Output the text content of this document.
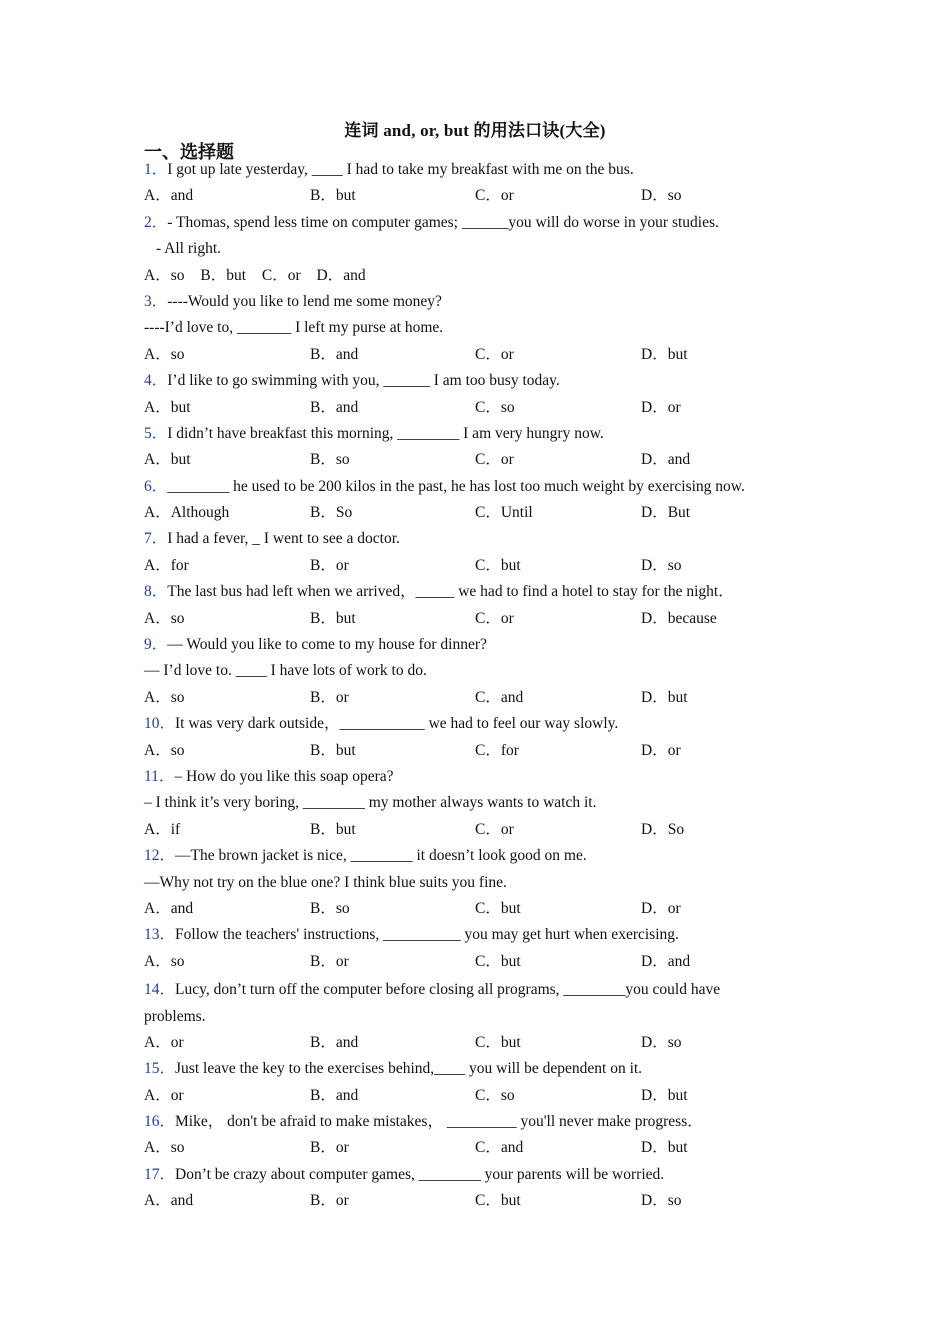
连词 and, or, but 的用法口诀(大全)
一、选择题
1．I got up late yesterday, ____ I had to take my breakfast with me on the bus.
A．and	B．but	C．or	D．so
2．- Thomas, spend less time on computer games; ______you will do worse in your studies.
- All right.
A．so B．but C．or D．and
3．----Would you like to lend me some money?
----I’d love to, _______ I left my purse at home.
A．so	B．and	C．or	D．but
4．I’d like to go swimming with you, ______ I am too busy today.
A．but	B．and	C．so	D．or
5．I didn’t have breakfast this morning, ________ I am very hungry now.
A．but	B．so	C．or	D．and
6．________ he used to be 200 kilos in the past, he has lost too much weight by exercising now.
A．Although	B．So	C．Until	D．But
7．I had a fever, _ I went to see a doctor.
A．for	B．or	C．but	D．so
8．The last bus had left when we arrived，_____ we had to find a hotel to stay for the night．
A．so	B．but	C．or	D．because
9．— Would you like to come to my house for dinner?
— I’d love to. ____ I have lots of work to do.
A．so	B．or	C．and	D．but
10．It was very dark outside，___________ we had to feel our way slowly.
A．so	B．but	C．for	D．or
11．– How do you like this soap opera?
– I think it’s very boring, ________ my mother always wants to watch it.
A．if	B．but	C．or	D．So
12．—The brown jacket is nice, ________ it doesn’t look good on me.
—Why not try on the blue one? I think blue suits you fine.
A．and	B．so	C．but	D．or
13．Follow the teachers' instructions, __________ you may get hurt when exercising.
A．so	B．or	C．but	D．and
14．Lucy, don’t turn off the computer before closing all programs, ________you could have
problems.
A．or	B．and	C．but	D．so
15．Just leave the key to the exercises behind,____ you will be dependent on it.
A．or	B．and	C．so	D．but
16．Mike， don't be afraid to make mistakes， _________ you'll never make progress．
A．so	B．or	C．and	D．but
17．Don’t be crazy about computer games, ________ your parents will be worried.
A．and	B．or	C．but	D．so
